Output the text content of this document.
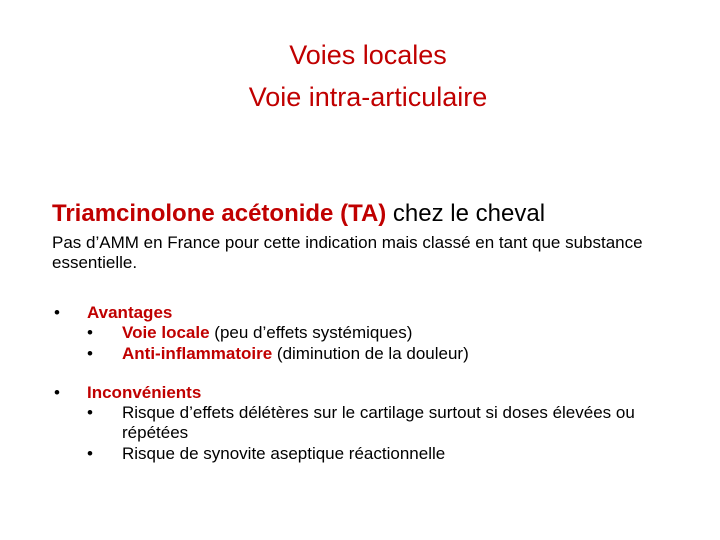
Voies locales
Voie intra-articulaire
Triamcinolone acétonide (TA) chez le cheval

Pas d’AMM en France pour cette indication mais classé en tant que substance essentielle.

• Avantages
• Voie locale (peu d’effets systémiques)
• Anti-inflammatoire (diminution de la douleur)
• Inconvénients
• Risque d’effets délétères sur le cartilage surtout si doses élevées ou répétées
• Risque de synovite aseptique réactionnelle
